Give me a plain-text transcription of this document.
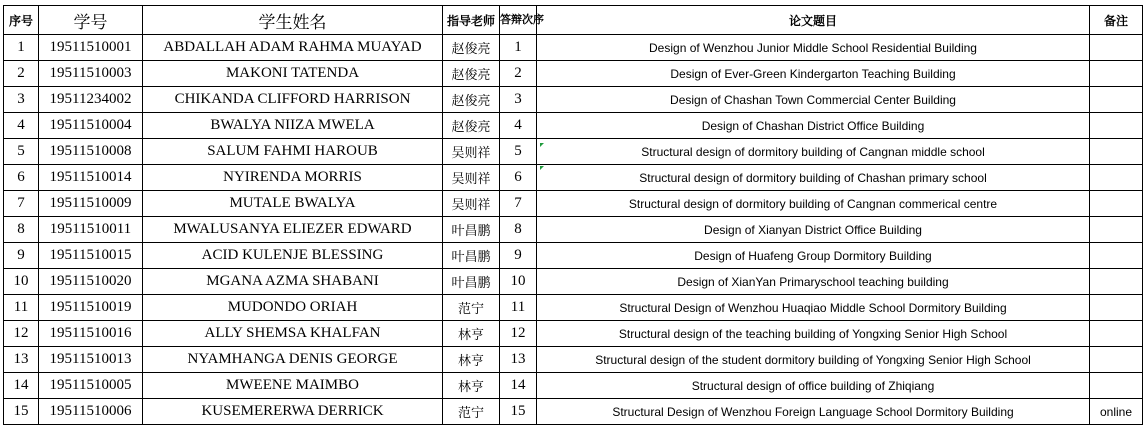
序号	学号	学生姓名	指导老师	答辩次序	论文题目	备注
1	19511510001	ABDALLAH ADAM RAHMA MUAYAD	赵俊亮	1	Design of Wenzhou Junior Middle School Residential Building	
2	19511510003	MAKONI TATENDA	赵俊亮	2	Design of Ever-Green Kindergarton Teaching Building	
3	19511234002	CHIKANDA CLIFFORD HARRISON	赵俊亮	3	Design of Chashan Town Commercial Center Building	
4	19511510004	BWALYA NIIZA MWELA	赵俊亮	4	Design of Chashan District Office Building	
5	19511510008	SALUM FAHMI HAROUB	吴则祥	5	Structural design of dormitory building of Cangnan middle school	
6	19511510014	NYIRENDA MORRIS	吴则祥	6	Structural design of dormitory building of Chashan primary school	
7	19511510009	MUTALE BWALYA	吴则祥	7	Structural design of dormitory building of Cangnan commerical centre	
8	19511510011	MWALUSANYA ELIEZER EDWARD	叶昌鹏	8	Design of Xianyan District Office Building	
9	19511510015	ACID KULENJE BLESSING	叶昌鹏	9	Design of Huafeng Group Dormitory Building	
10	19511510020	MGANA AZMA SHABANI	叶昌鹏	10	Design of XianYan Primaryschool teaching building	
11	19511510019	MUDONDO ORIAH	范宁	11	Structural Design of Wenzhou Huaqiao Middle School Dormitory Building	
12	19511510016	ALLY SHEMSA KHALFAN	林亨	12	Structural design of the teaching building of Yongxing Senior High School	
13	19511510013	NYAMHANGA DENIS GEORGE	林亨	13	Structural design of the student dormitory building of Yongxing Senior High School	
14	19511510005	MWEENE MAIMBO	林亨	14	Structural design of office building of Zhiqiang	
15	19511510006	KUSEMERERWA DERRICK	范宁	15	Structural Design of Wenzhou Foreign Language School Dormitory Building	online
